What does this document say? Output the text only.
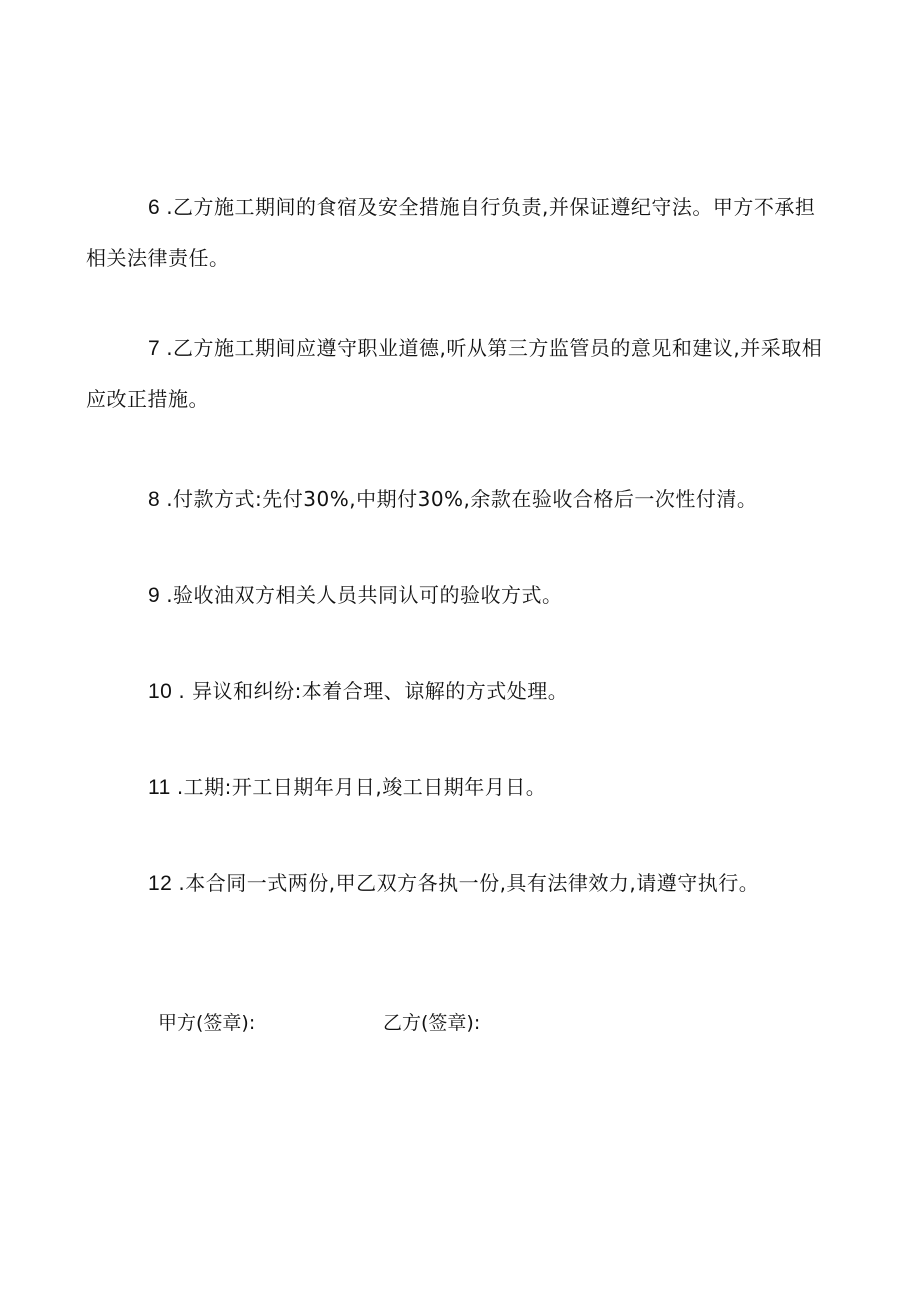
6 .乙方施工期间的食宿及安全措施自行负责,并保证遵纪守法。甲方不承担相关法律责任。

7 .乙方施工期间应遵守职业道德,听从第三方监管员的意见和建议,并采取相应改正措施。

8 .付款方式:先付30%,中期付30%,余款在验收合格后一次性付清。

9 .验收油双方相关人员共同认可的验收方式。

10 . 异议和纠纷:本着合理、谅解的方式处理。

11 .工期:开工日期年月日,竣工日期年月日。

12 .本合同一式两份,甲乙双方各执一份,具有法律效力,请遵守执行。

甲方(签章):	乙方(签章):
